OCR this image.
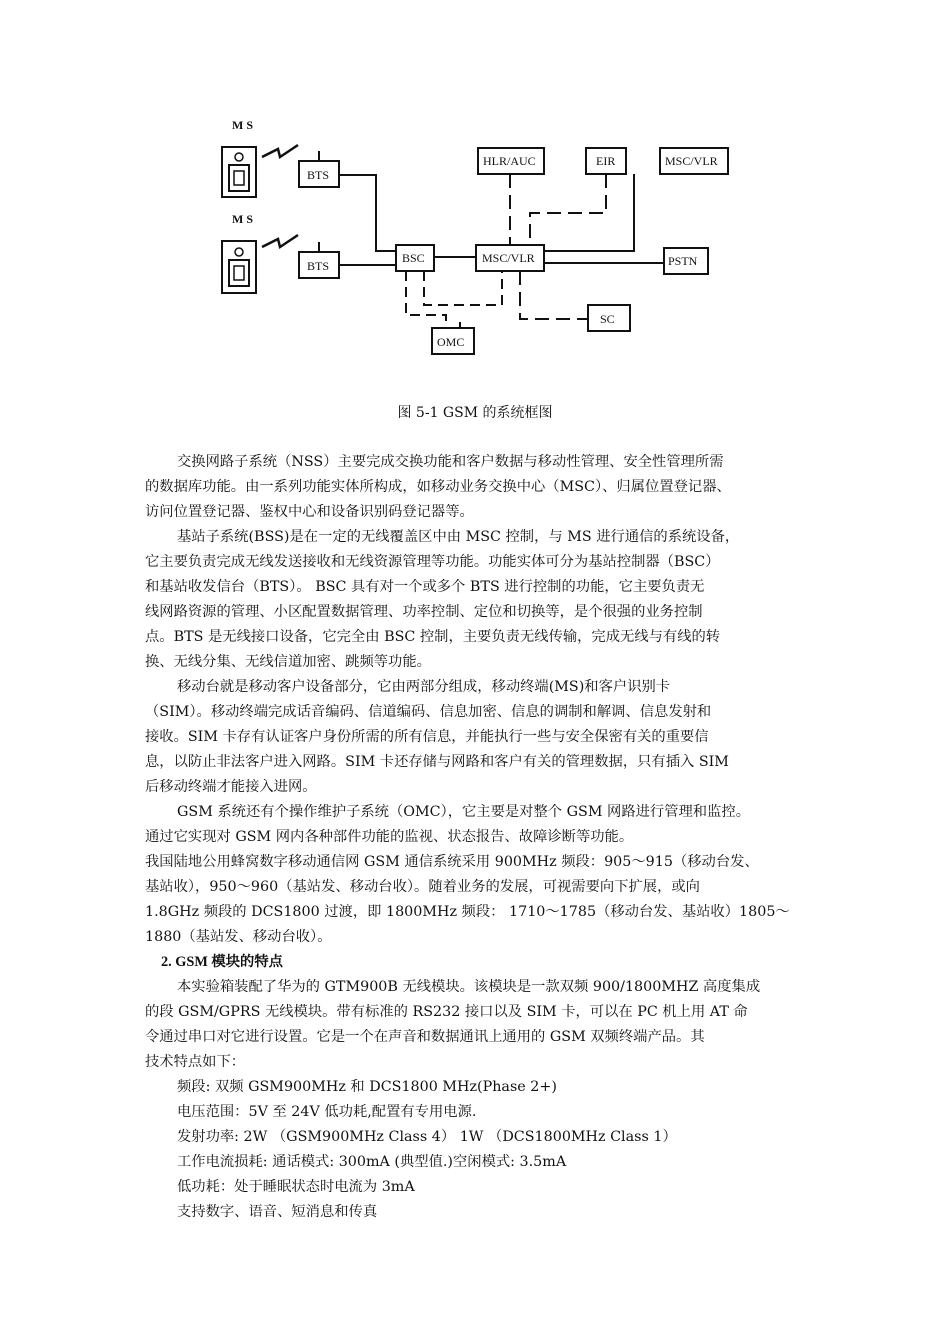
M S
M S
BTS
BTS
BSC	MSC/VLR
HLR/AUC	EIR	MSC/VLR
PSTN
SC
OMC
图 5-1 GSM 的系统框图
交换网路子系统（NSS）主要完成交换功能和客户数据与移动性管理、安全性管理所需
的数据库功能。由一系列功能实体所构成，如移动业务交换中心（MSC）、归属位置登记器、
访问位置登记器、鉴权中心和设备识别码登记器等。
基站子系统(BSS)是在一定的无线覆盖区中由 MSC 控制，与 MS 进行通信的系统设备，
它主要负责完成无线发送接收和无线资源管理等功能。功能实体可分为基站控制器（BSC）
和基站收发信台（BTS）。 BSC 具有对一个或多个 BTS 进行控制的功能，它主要负责无
线网路资源的管理、小区配置数据管理、功率控制、定位和切换等，是个很强的业务控制
点。BTS 是无线接口设备，它完全由 BSC 控制，主要负责无线传输，完成无线与有线的转
换、无线分集、无线信道加密、跳频等功能。
移动台就是移动客户设备部分，它由两部分组成，移动终端(MS)和客户识别卡
（SIM）。移动终端完成话音编码、信道编码、信息加密、信息的调制和解调、信息发射和
接收。SIM 卡存有认证客户身份所需的所有信息，并能执行一些与安全保密有关的重要信
息，以防止非法客户进入网路。SIM 卡还存储与网路和客户有关的管理数据，只有插入 SIM
后移动终端才能接入进网。
GSM 系统还有个操作维护子系统（OMC），它主要是对整个 GSM 网路进行管理和监控。
通过它实现对 GSM 网内各种部件功能的监视、状态报告、故障诊断等功能。
我国陆地公用蜂窝数字移动通信网 GSM 通信系统采用 900MHz 频段：905～915（移动台发、
基站收），950～960（基站发、移动台收）。随着业务的发展，可视需要向下扩展，或向
1.8GHz 频段的 DCS1800 过渡，即 1800MHz 频段： 1710～1785（移动台发、基站收）1805～
1880（基站发、移动台收）。
2. GSM 模块的特点
本实验箱装配了华为的 GTM900B 无线模块。该模块是一款双频 900/1800MHZ 高度集成
的段 GSM/GPRS 无线模块。带有标准的 RS232 接口以及 SIM 卡，可以在 PC 机上用 AT 命
令通过串口对它进行设置。它是一个在声音和数据通讯上通用的 GSM 双频终端产品。其
技术特点如下：
频段: 双频 GSM900MHz 和 DCS1800 MHz(Phase 2+)
电压范围：5V 至 24V 低功耗,配置有专用电源.
发射功率: 2W （GSM900MHz Class 4） 1W （DCS1800MHz Class 1）
工作电流损耗: 通话模式: 300mA (典型值.)空闲模式: 3.5mA
低功耗：处于睡眠状态时电流为 3mA
支持数字、语音、短消息和传真
